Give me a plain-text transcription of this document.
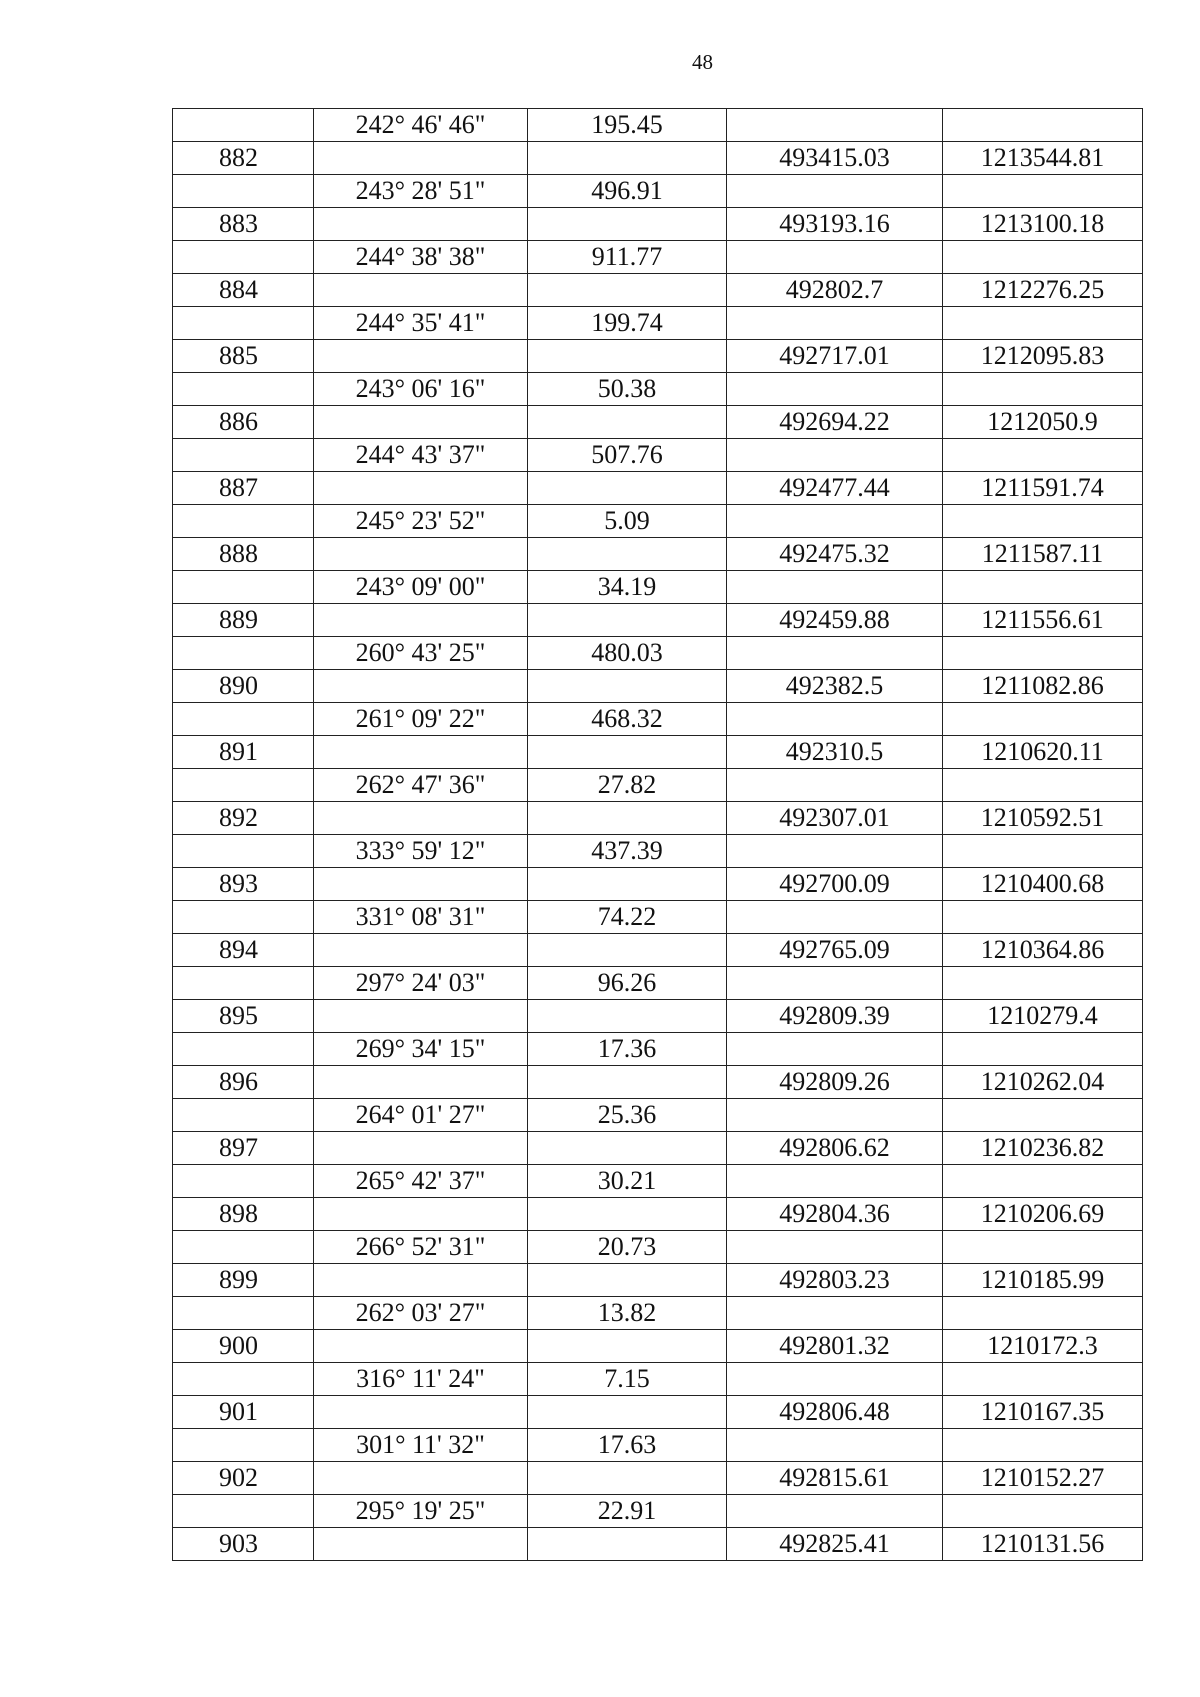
48
	242° 46' 46"	195.45		
882			493415.03	1213544.81
	243° 28' 51"	496.91		
883			493193.16	1213100.18
	244° 38' 38"	911.77		
884			492802.7	1212276.25
	244° 35' 41"	199.74		
885			492717.01	1212095.83
	243° 06' 16"	50.38		
886			492694.22	1212050.9
	244° 43' 37"	507.76		
887			492477.44	1211591.74
	245° 23' 52"	5.09		
888			492475.32	1211587.11
	243° 09' 00"	34.19		
889			492459.88	1211556.61
	260° 43' 25"	480.03		
890			492382.5	1211082.86
	261° 09' 22"	468.32		
891			492310.5	1210620.11
	262° 47' 36"	27.82		
892			492307.01	1210592.51
	333° 59' 12"	437.39		
893			492700.09	1210400.68
	331° 08' 31"	74.22		
894			492765.09	1210364.86
	297° 24' 03"	96.26		
895			492809.39	1210279.4
	269° 34' 15"	17.36		
896			492809.26	1210262.04
	264° 01' 27"	25.36		
897			492806.62	1210236.82
	265° 42' 37"	30.21		
898			492804.36	1210206.69
	266° 52' 31"	20.73		
899			492803.23	1210185.99
	262° 03' 27"	13.82		
900			492801.32	1210172.3
	316° 11' 24"	7.15		
901			492806.48	1210167.35
	301° 11' 32"	17.63		
902			492815.61	1210152.27
	295° 19' 25"	22.91		
903			492825.41	1210131.56
